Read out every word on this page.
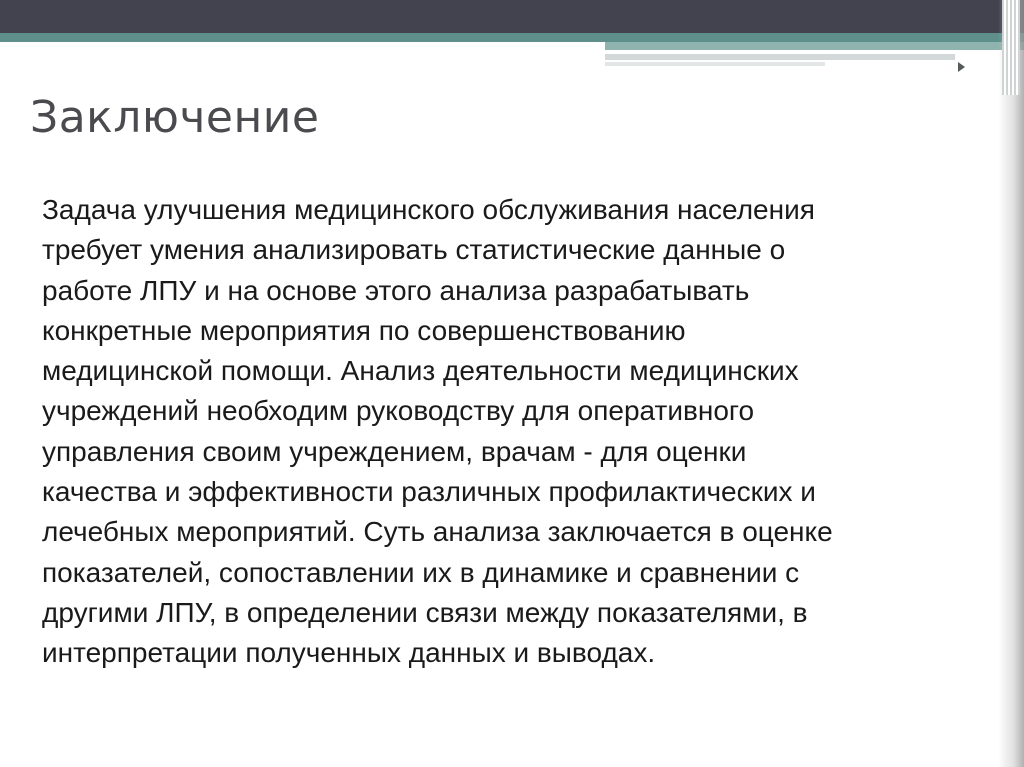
Заключение
Задача улучшения медицинского обслуживания населения
требует умения анализировать статистические данные о
работе ЛПУ и на основе этого анализа разрабатывать
конкретные мероприятия по совершенствованию
медицинской помощи. Анализ деятельности медицинских
учреждений необходим руководству для оперативного
управления своим учреждением, врачам - для оценки
качества и эффективности различных профилактических и
лечебных мероприятий. Суть анализа заключается в оценке
показателей, сопоставлении их в динамике и сравнении с
другими ЛПУ, в определении связи между показателями, в
интерпретации полученных данных и выводах.
